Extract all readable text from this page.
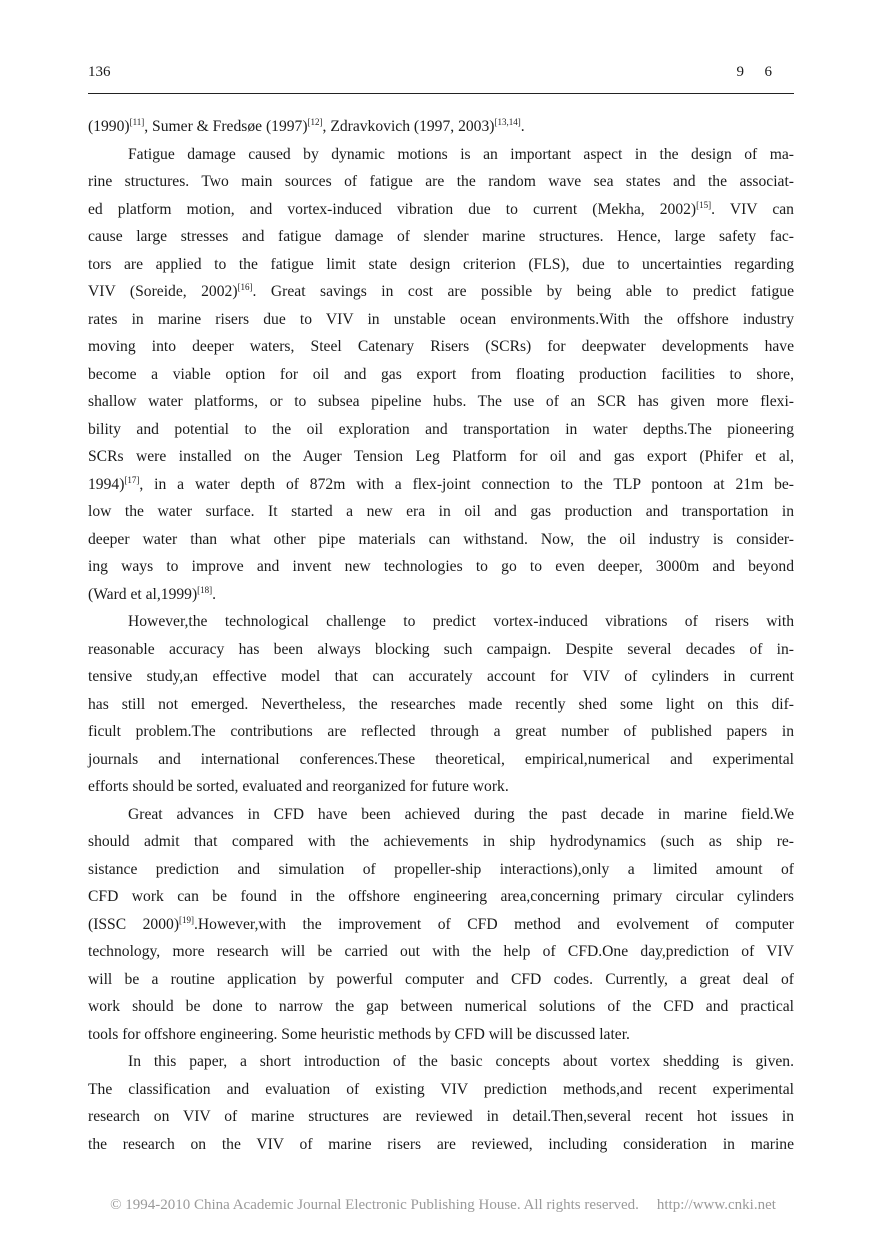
136	9 6
(1990)[11], Sumer & Fredsøe (1997)[12], Zdravkovich (1997, 2003)[13,14].
Fatigue damage caused by dynamic motions is an important aspect in the design of ma-
rine structures. Two main sources of fatigue are the random wave sea states and the associat-
ed platform motion, and vortex-induced vibration due to current (Mekha, 2002)[15]. VIV can
cause large stresses and fatigue damage of slender marine structures. Hence, large safety fac-
tors are applied to the fatigue limit state design criterion (FLS), due to uncertainties regarding
VIV (Soreide, 2002)[16]. Great savings in cost are possible by being able to predict fatigue
rates in marine risers due to VIV in unstable ocean environments.With the offshore industry
moving into deeper waters, Steel Catenary Risers (SCRs) for deepwater developments have
become a viable option for oil and gas export from floating production facilities to shore,
shallow water platforms, or to subsea pipeline hubs. The use of an SCR has given more flexi-
bility and potential to the oil exploration and transportation in water depths.The pioneering
SCRs were installed on the Auger Tension Leg Platform for oil and gas export (Phifer et al,
1994)[17], in a water depth of 872m with a flex-joint connection to the TLP pontoon at 21m be-
low the water surface. It started a new era in oil and gas production and transportation in
deeper water than what other pipe materials can withstand. Now, the oil industry is consider-
ing ways to improve and invent new technologies to go to even deeper, 3000m and beyond
(Ward et al,1999)[18].
However,the technological challenge to predict vortex-induced vibrations of risers with
reasonable accuracy has been always blocking such campaign. Despite several decades of in-
tensive study,an effective model that can accurately account for VIV of cylinders in current
has still not emerged. Nevertheless, the researches made recently shed some light on this dif-
ficult problem.The contributions are reflected through a great number of published papers in
journals and international conferences.These theoretical, empirical,numerical and experimental
efforts should be sorted, evaluated and reorganized for future work.
Great advances in CFD have been achieved during the past decade in marine field.We
should admit that compared with the achievements in ship hydrodynamics (such as ship re-
sistance prediction and simulation of propeller-ship interactions),only a limited amount of
CFD work can be found in the offshore engineering area,concerning primary circular cylinders
(ISSC 2000)[19].However,with the improvement of CFD method and evolvement of computer
technology, more research will be carried out with the help of CFD.One day,prediction of VIV
will be a routine application by powerful computer and CFD codes. Currently, a great deal of
work should be done to narrow the gap between numerical solutions of the CFD and practical
tools for offshore engineering. Some heuristic methods by CFD will be discussed later.
In this paper, a short introduction of the basic concepts about vortex shedding is given.
The classification and evaluation of existing VIV prediction methods,and recent experimental
research on VIV of marine structures are reviewed in detail.Then,several recent hot issues in
the research on the VIV of marine risers are reviewed, including consideration in marine
© 1994-2010 China Academic Journal Electronic Publishing House. All rights reserved. http://www.cnki.net
